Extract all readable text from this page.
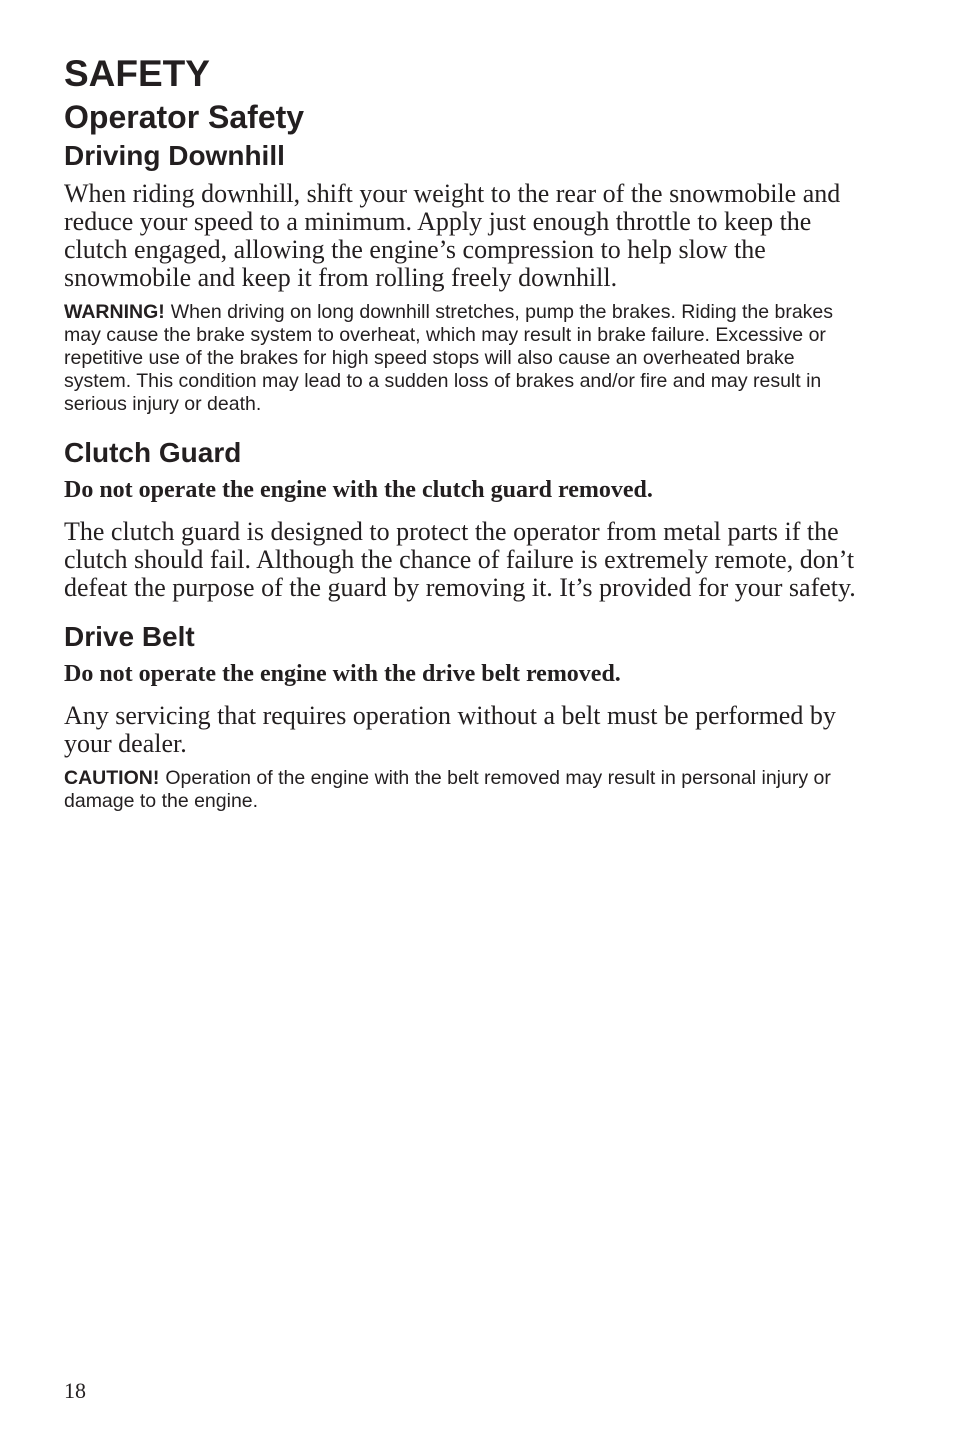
SAFETY
Operator Safety
Driving Downhill

When riding downhill, shift your weight to the rear of the snowmobile and reduce your speed to a minimum. Apply just enough throttle to keep the clutch engaged, allowing the engine’s compression to help slow the snowmobile and keep it from rolling freely downhill.

WARNING! When driving on long downhill stretches, pump the brakes. Riding the brakes may cause the brake system to overheat, which may result in brake failure. Excessive or repetitive use of the brakes for high speed stops will also cause an overheated brake system. This condition may lead to a sudden loss of brakes and/or fire and may result in serious injury or death.

Clutch Guard

Do not operate the engine with the clutch guard removed.

The clutch guard is designed to protect the operator from metal parts if the clutch should fail. Although the chance of failure is extremely remote, don’t defeat the purpose of the guard by removing it. It’s provided for your safety.

Drive Belt

Do not operate the engine with the drive belt removed.

Any servicing that requires operation without a belt must be performed by your dealer.

CAUTION! Operation of the engine with the belt removed may result in personal injury or damage to the engine.

18
